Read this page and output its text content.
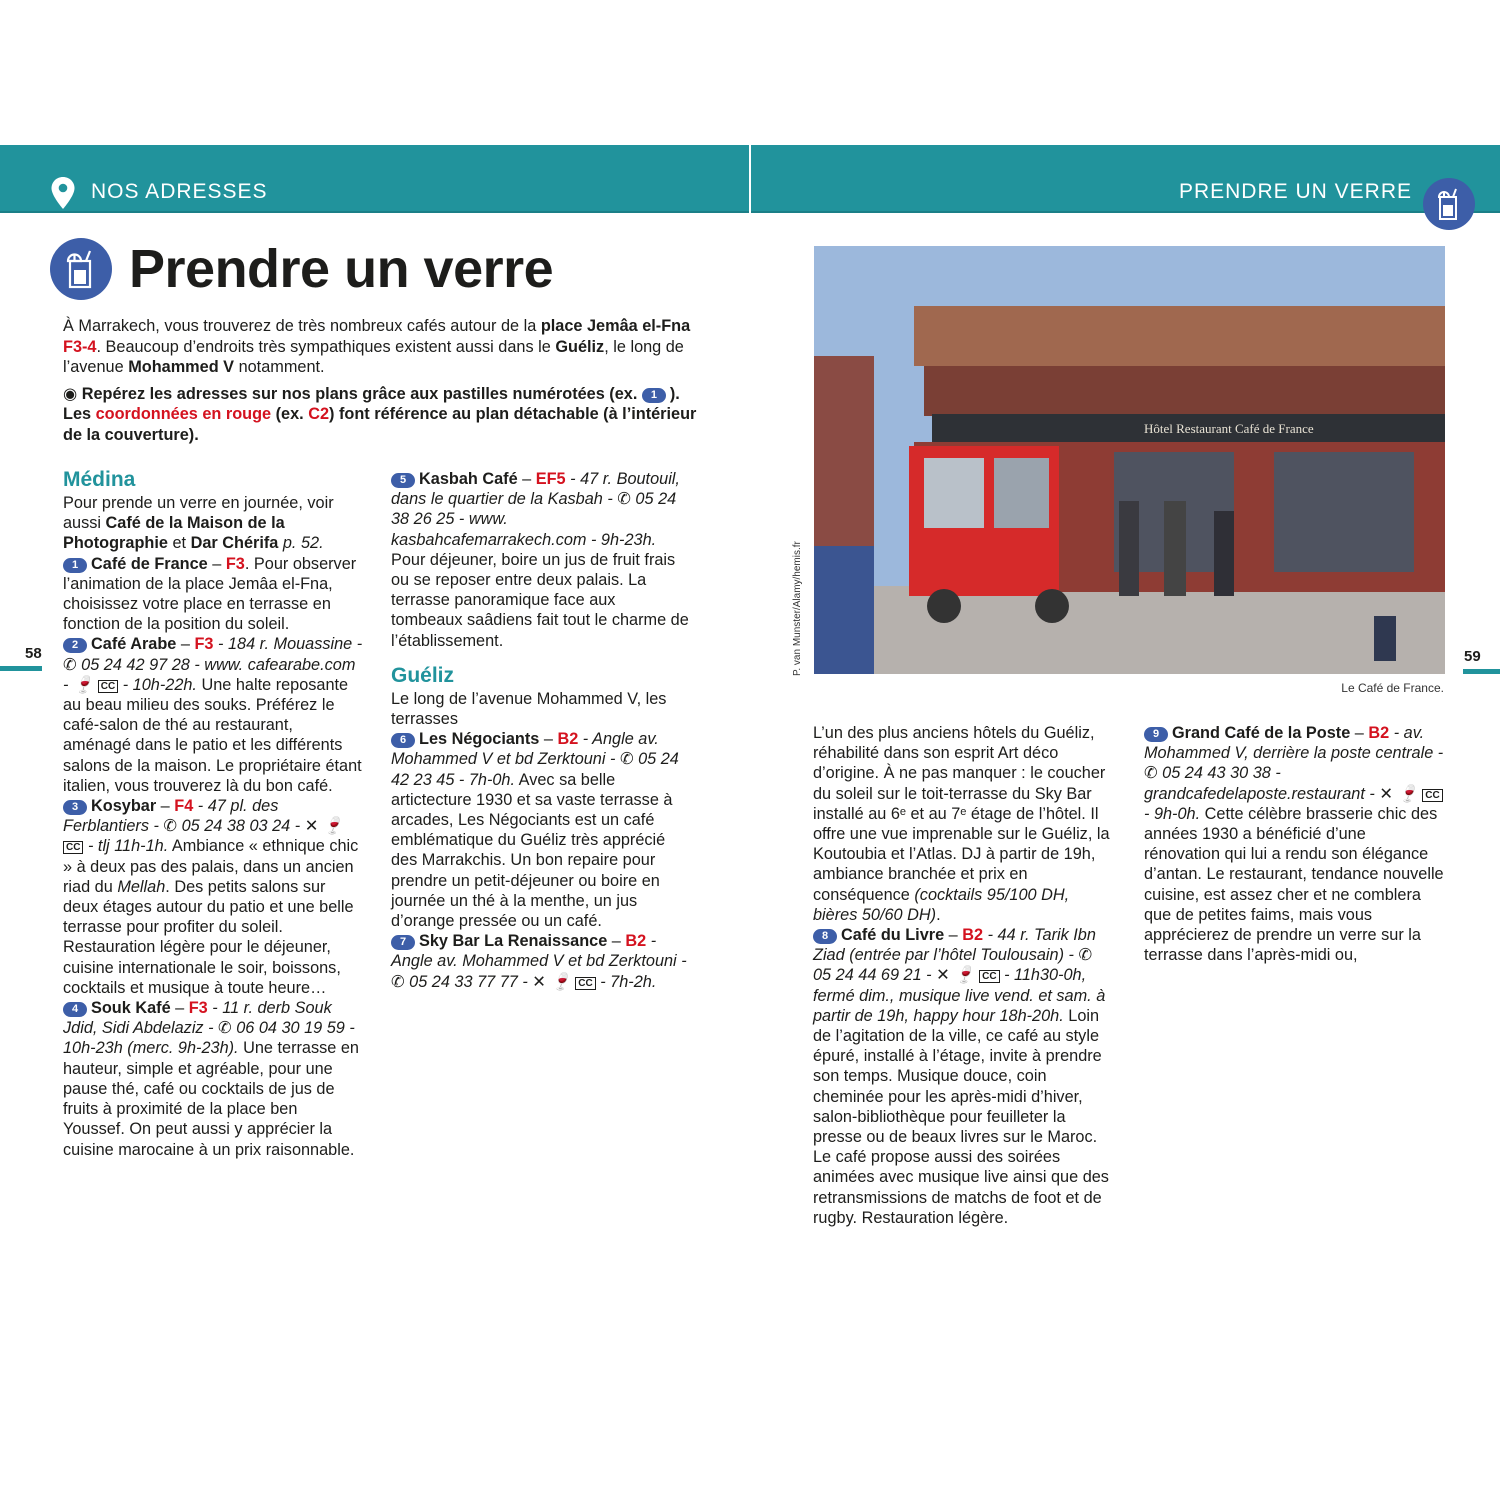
NOS ADRESSES	PRENDRE UN VERRE
Prendre un verre

À Marrakech, vous trouverez de très nombreux cafés autour de la place Jemâa el-Fna F3-4. Beaucoup d’endroits très sympathiques existent aussi dans le Guéliz, le long de l’avenue Mohammed V notamment.

◉ Repérez les adresses sur nos plans grâce aux pastilles numérotées (ex. 1 ). Les coordonnées en rouge (ex. C2) font référence au plan détachable (à l’intérieur de la couverture).

Médina

Pour prende un verre en journée, voir aussi Café de la Maison de la Photographie et Dar Chérifa p. 52.

1 Café de France – F3. Pour observer l’animation de la place Jemâa el-Fna, choisissez votre place en terrasse en fonction de la position du soleil.

2 Café Arabe – F3 - 184 r. Mouassine - ✆ 05 24 42 97 28 - www. cafearabe.com - 🍷 CC - 10h-22h. Une halte reposante au beau milieu des souks. Préférez le café-salon de thé au restaurant, aménagé dans le patio et les différents salons de la maison. Le propriétaire étant italien, vous trouverez là du bon café.

3 Kosybar – F4 - 47 pl. des Ferblantiers - ✆ 05 24 38 03 24 - ✕ 🍷 CC - tlj 11h-1h. Ambiance « ethnique chic » à deux pas des palais, dans un ancien riad du Mellah. Des petits salons sur deux étages autour du patio et une belle terrasse pour profiter du soleil. Restauration légère pour le déjeuner, cuisine internationale le soir, boissons, cocktails et musique à toute heure…

4 Souk Kafé – F3 - 11 r. derb Souk Jdid, Sidi Abdelaziz - ✆ 06 04 30 19 59 - 10h-23h (merc. 9h-23h). Une terrasse en hauteur, simple et agréable, pour une pause thé, café ou cocktails de jus de fruits à proximité de la place ben Youssef. On peut aussi y apprécier la cuisine marocaine à un prix raisonnable.

5 Kasbah Café – EF5 - 47 r. Boutouil, dans le quartier de la Kasbah - ✆ 05 24 38 26 25 - www. kasbahcafemarrakech.com - 9h-23h. Pour déjeuner, boire un jus de fruit frais ou se reposer entre deux palais. La terrasse panoramique face aux tombeaux saâdiens fait tout le charme de l’établissement.

Guéliz

Le long de l’avenue Mohammed V, les terrasses

6 Les Négociants – B2 - Angle av. Mohammed V et bd Zerktouni - ✆ 05 24 42 23 45 - 7h-0h. Avec sa belle artictecture 1930 et sa vaste terrasse à arcades, Les Négociants est un café emblématique du Guéliz très apprécié des Marrakchis. Un bon repaire pour prendre un petit-déjeuner ou boire en journée un thé à la menthe, un jus d’orange pressée ou un café.

7 Sky Bar La Renaissance – B2 - Angle av. Mohammed V et bd Zerktouni - ✆ 05 24 33 77 77 - ✕ 🍷 CC - 7h-2h.

Hôtel Restaurant Café de France
P. van Munster/Alamy/hemis.fr
Le Café de France.

L’un des plus anciens hôtels du Guéliz, réhabilité dans son esprit Art déco d’origine. À ne pas manquer : le coucher du soleil sur le toit-terrasse du Sky Bar installé au 6ᵉ et au 7ᵉ étage de l’hôtel. Il offre une vue imprenable sur le Guéliz, la Koutoubia et l’Atlas. DJ à partir de 19h, ambiance branchée et prix en conséquence (cocktails 95/100 DH, bières 50/60 DH).

8 Café du Livre – B2 - 44 r. Tarik Ibn Ziad (entrée par l’hôtel Toulousain) - ✆ 05 24 44 69 21 - ✕ 🍷 CC - 11h30-0h, fermé dim., musique live vend. et sam. à partir de 19h, happy hour 18h-20h. Loin de l’agitation de la ville, ce café au style épuré, installé à l’étage, invite à prendre son temps. Musique douce, coin cheminée pour les après-midi d’hiver, salon-bibliothèque pour feuilleter la presse ou de beaux livres sur le Maroc. Le café propose aussi des soirées animées avec musique live ainsi que des retransmissions de matchs de foot et de rugby. Restauration légère.

9 Grand Café de la Poste – B2 - av. Mohammed V, derrière la poste centrale - ✆ 05 24 43 30 38 - grandcafedelaposte.restaurant - ✕ 🍷 CC - 9h-0h. Cette célèbre brasserie chic des années 1930 a bénéficié d’une rénovation qui lui a rendu son élégance d’antan. Le restaurant, tendance nouvelle cuisine, est assez cher et ne comblera que de petites faims, mais vous apprécierez de prendre un verre sur la terrasse dans l’après-midi ou,

58	59
